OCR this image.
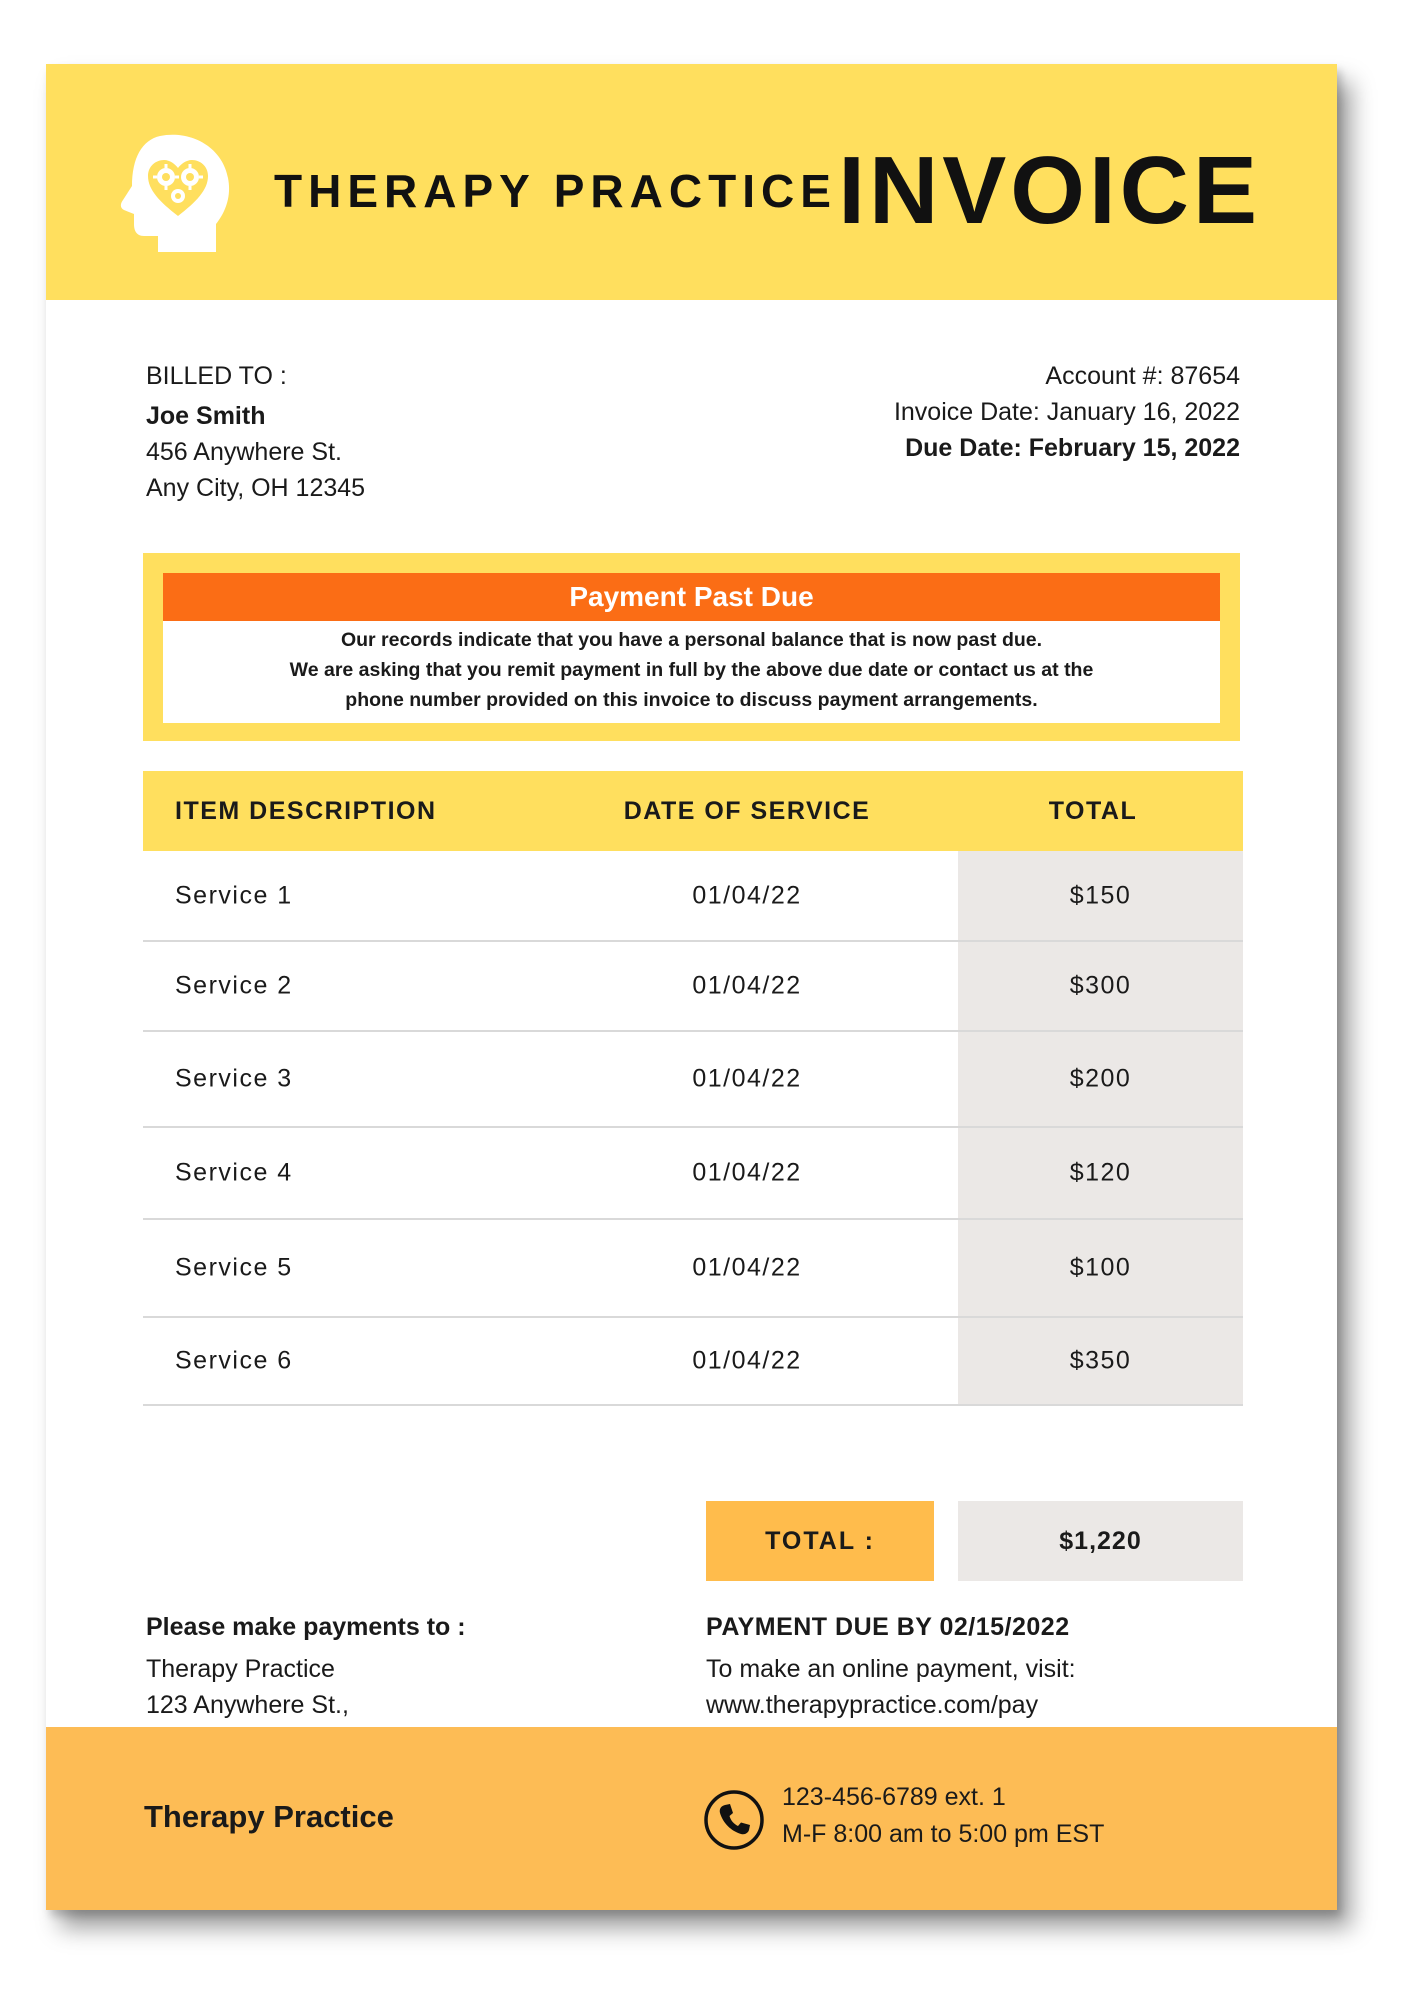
THERAPY PRACTICE INVOICE
BILLED TO :
Joe Smith
456 Anywhere St.
Any City, OH 12345
Account #: 87654
Invoice Date: January 16, 2022
Due Date: February 15, 2022
Payment Past Due
Our records indicate that you have a personal balance that is now past due.
We are asking that you remit payment in full by the above due date or contact us at the
phone number provided on this invoice to discuss payment arrangements.
ITEM DESCRIPTION	DATE OF SERVICE	TOTAL
Service 1	01/04/22	$150
Service 2	01/04/22	$300
Service 3	01/04/22	$200
Service 4	01/04/22	$120
Service 5	01/04/22	$100
Service 6	01/04/22	$350
TOTAL :	$1,220
Please make payments to :
Therapy Practice
123 Anywhere St.,
PAYMENT DUE BY 02/15/2022
To make an online payment, visit:
www.therapypractice.com/pay
Therapy Practice
123-456-6789 ext. 1
M-F 8:00 am to 5:00 pm EST
